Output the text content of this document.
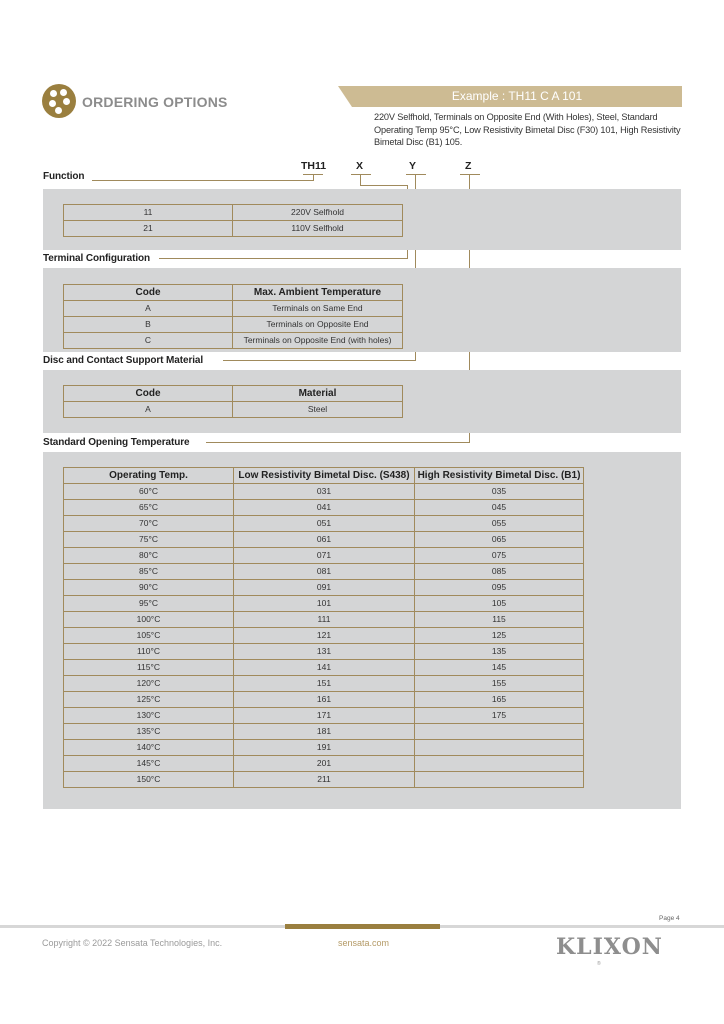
ORDERING OPTIONS	Example : TH11 C A 101
220V Selfhold, Terminals on Opposite End (With Holes), Steel, Standard Operating Temp 95°C, Low Resistivity Bimetal Disc (F30) 101, High Resistivity Bimetal Disc (B1) 105.
TH11	X	Y	Z
Function
11	220V Selfhold
21	110V Selfhold
Terminal Configuration
Code	Max. Ambient Temperature
A	Terminals on Same End
B	Terminals on Opposite End
C	Terminals on Opposite End (with holes)
Disc and Contact Support Material
Code	Material
A	Steel
Standard Opening Temperature
Operating Temp.	Low Resistivity Bimetal Disc. (S438)	High Resistivity Bimetal Disc. (B1)
60°C	031	035
65°C	041	045
70°C	051	055
75°C	061	065
80°C	071	075
85°C	081	085
90°C	091	095
95°C	101	105
100°C	111	115
105°C	121	125
110°C	131	135
115°C	141	145
120°C	151	155
125°C	161	165
130°C	171	175
135°C	181	
140°C	191	
145°C	201	
150°C	211	
Page 4
Copyright © 2022 Sensata Technologies, Inc.	sensata.com	KLIXON
®
